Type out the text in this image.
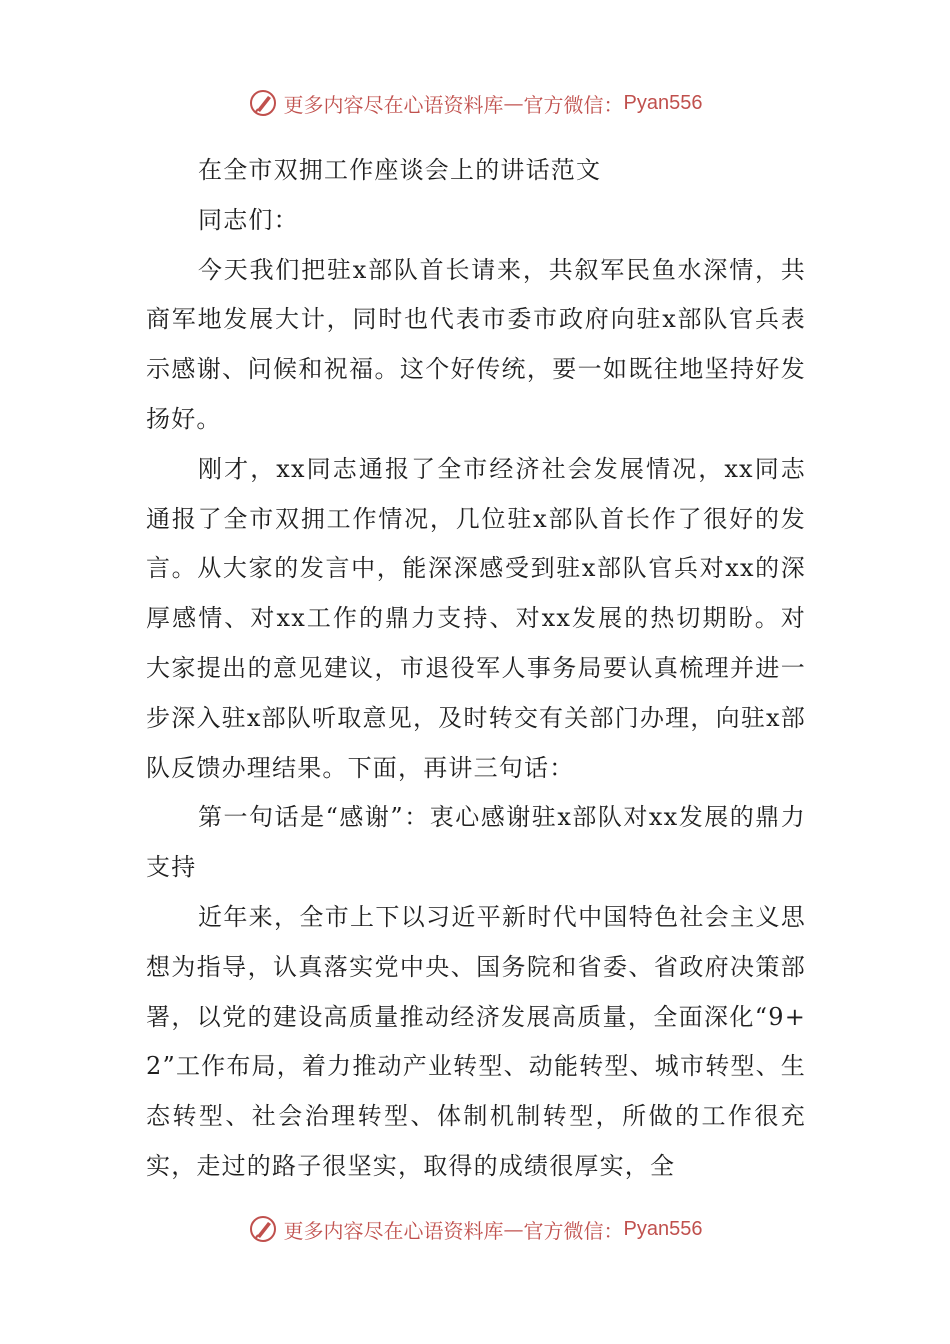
更多内容尽在心语资料库 — 官方微信： Pyan556

在全市双拥工作座谈会上的讲话范文

同志们：

今天我们把驻x部队首长请来，共叙军民鱼水深情，共商军地发展大计，同时也代表市委市政府向驻x部队官兵表示感谢、问候和祝福。这个好传统，要一如既往地坚持好发扬好。

刚才，xx同志通报了全市经济社会发展情况，xx同志通报了全市双拥工作情况，几位驻x部队首长作了很好的发言。从大家的发言中，能深深感受到驻x部队官兵对xx的深厚感情、对xx工作的鼎力支持、对xx发展的热切期盼。对大家提出的意见建议，市退役军人事务局要认真梳理并进一步深入驻x部队听取意见，及时转交有关部门办理，向驻x部队反馈办理结果。下面，再讲三句话：

第一句话是“感谢”：衷心感谢驻x部队对xx发展的鼎力支持

近年来，全市上下以习近平新时代中国特色社会主义思想为指导，认真落实党中央、国务院和省委、省政府决策部署，以党的建设高质量推动经济发展高质量，全面深化“9+2”工作布局，着力推动产业转型、动能转型、城市转型、生态转型、社会治理转型、体制机制转型，所做的工作很充实，走过的路子很坚实，取得的成绩很厚实，全

更多内容尽在心语资料库 — 官方微信： Pyan556
